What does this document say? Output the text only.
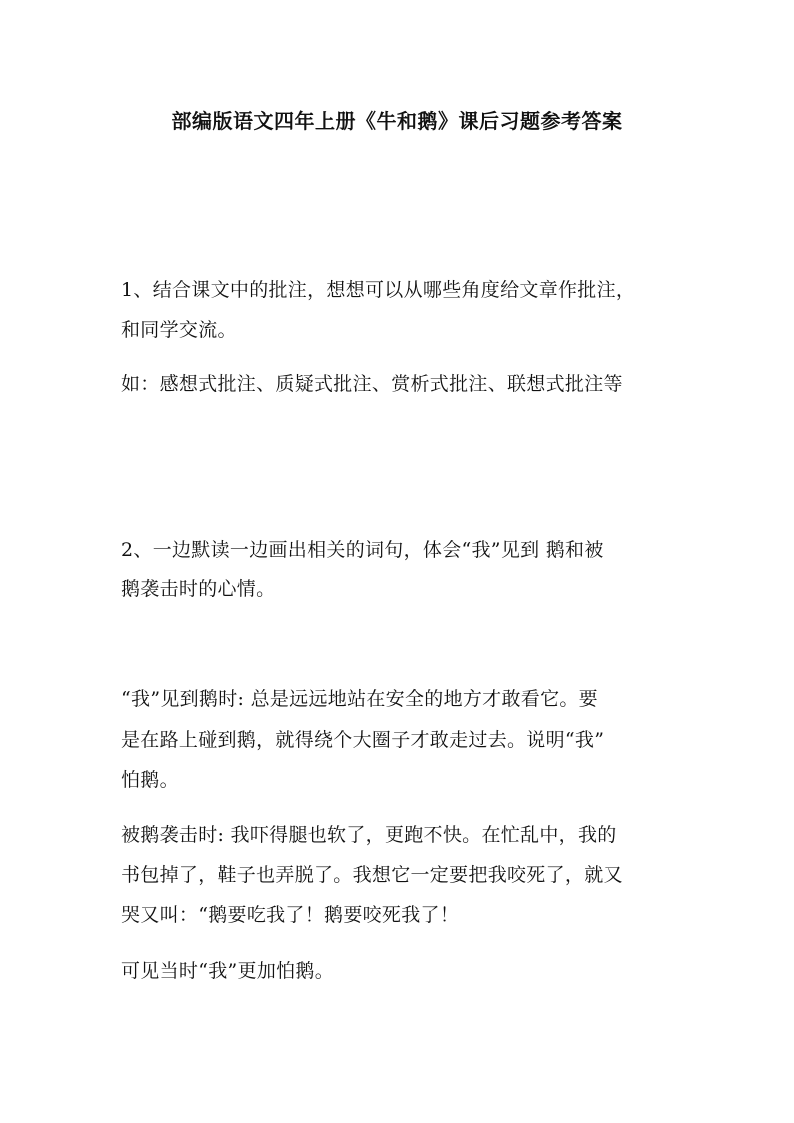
部编版语文四年上册《牛和鹅》课后习题参考答案
1、结合课文中的批注，想想可以从哪些角度给文章作批注，
和同学交流。
如：感想式批注、质疑式批注、赏析式批注、联想式批注等
2、一边默读一边画出相关的词句，体会“我”见到 鹅和被
鹅袭击时的心情。
“我”见到鹅时: 总是远远地站在安全的地方才敢看它。要
是在路上碰到鹅，就得绕个大圈子才敢走过去。说明“我”
怕鹅。
被鹅袭击时: 我吓得腿也软了，更跑不快。在忙乱中，我的
书包掉了，鞋子也弄脱了。我想它一定要把我咬死了，就又
哭又叫：“鹅要吃我了！鹅要咬死我了！
可见当时“我”更加怕鹅。
